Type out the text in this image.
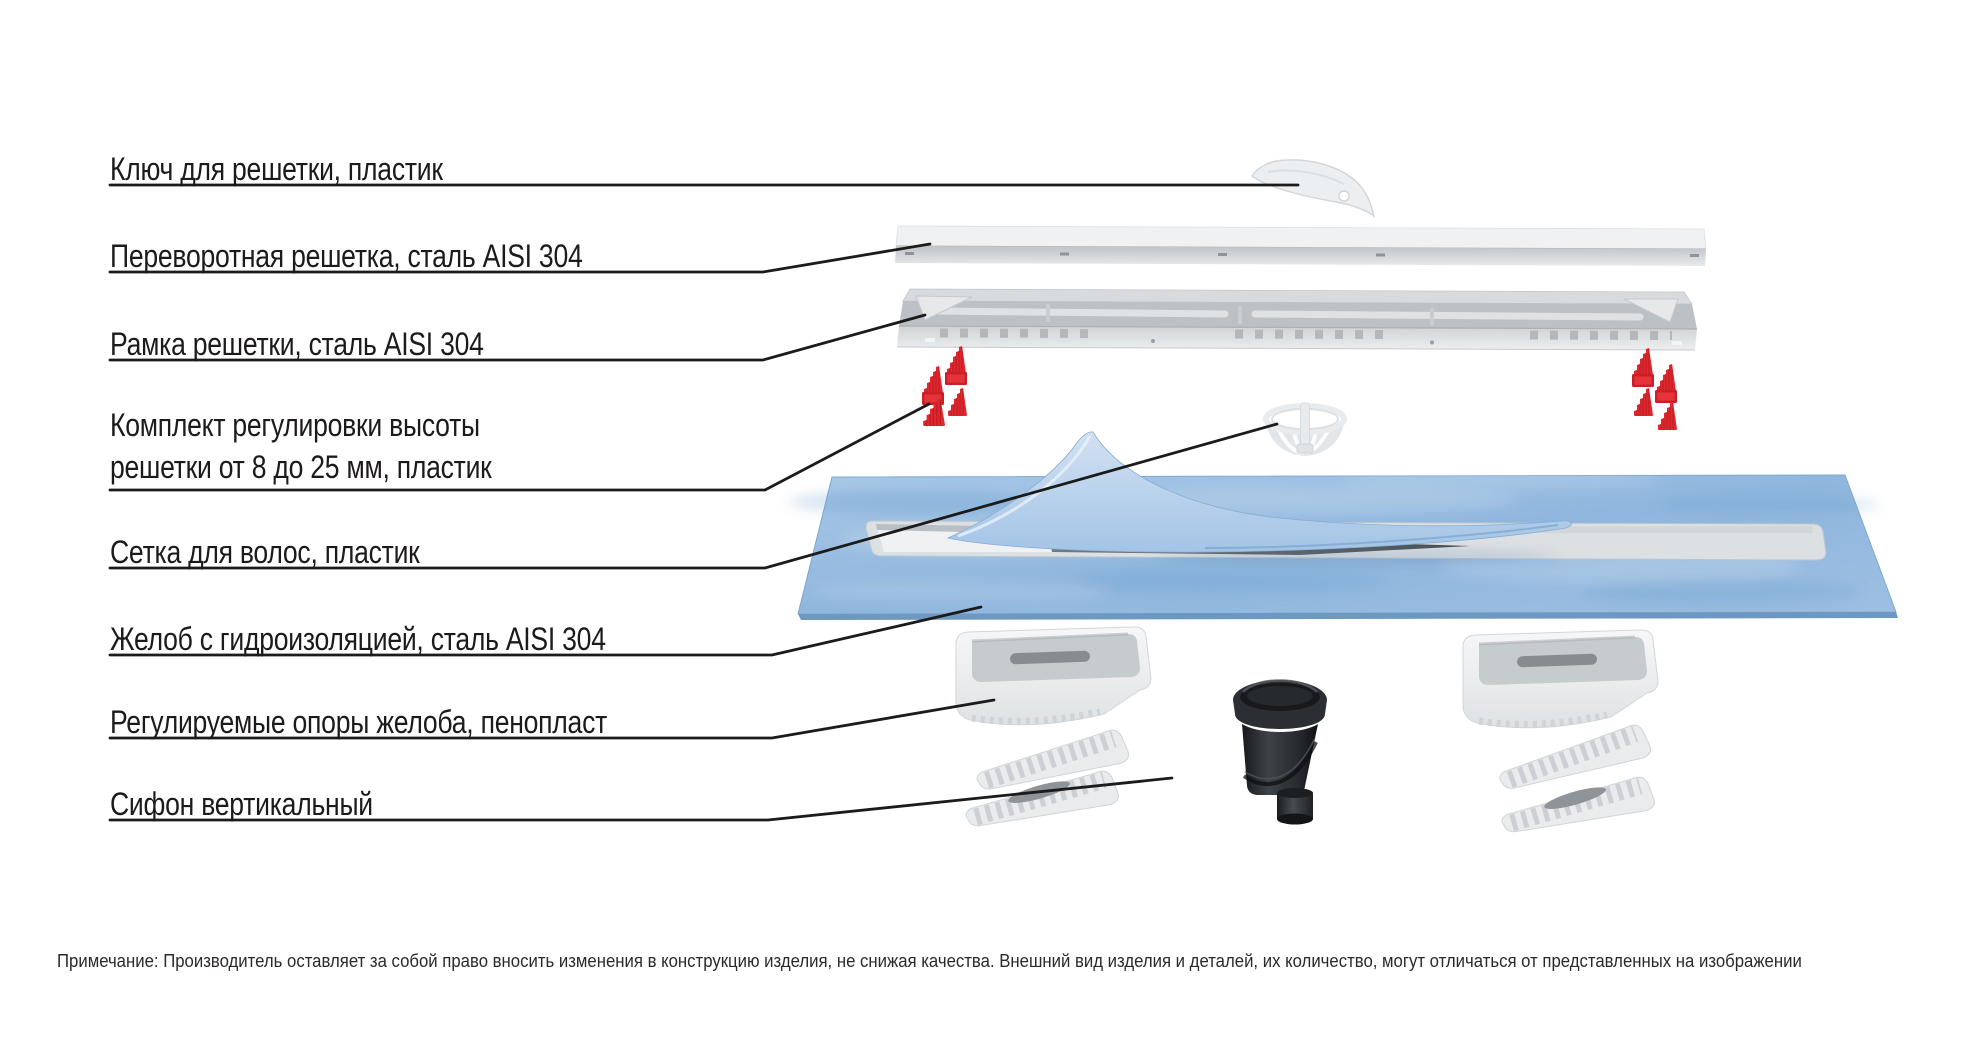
Ключ для решетки, пластик
Переворотная решетка, сталь AISI 304
Рамка решетки, сталь AISI 304
Комплект регулировки высоты
решетки от 8 до 25 мм, пластик
Сетка для волос, пластик
Желоб с гидроизоляцией, сталь AISI 304
Регулируемые опоры желоба, пенопласт
Сифон вертикальный
Примечание: Производитель оставляет за собой право вносить изменения в конструкцию изделия, не снижая качества. Внешний вид изделия и деталей, их количество, могут отличаться от представленных на изображении
